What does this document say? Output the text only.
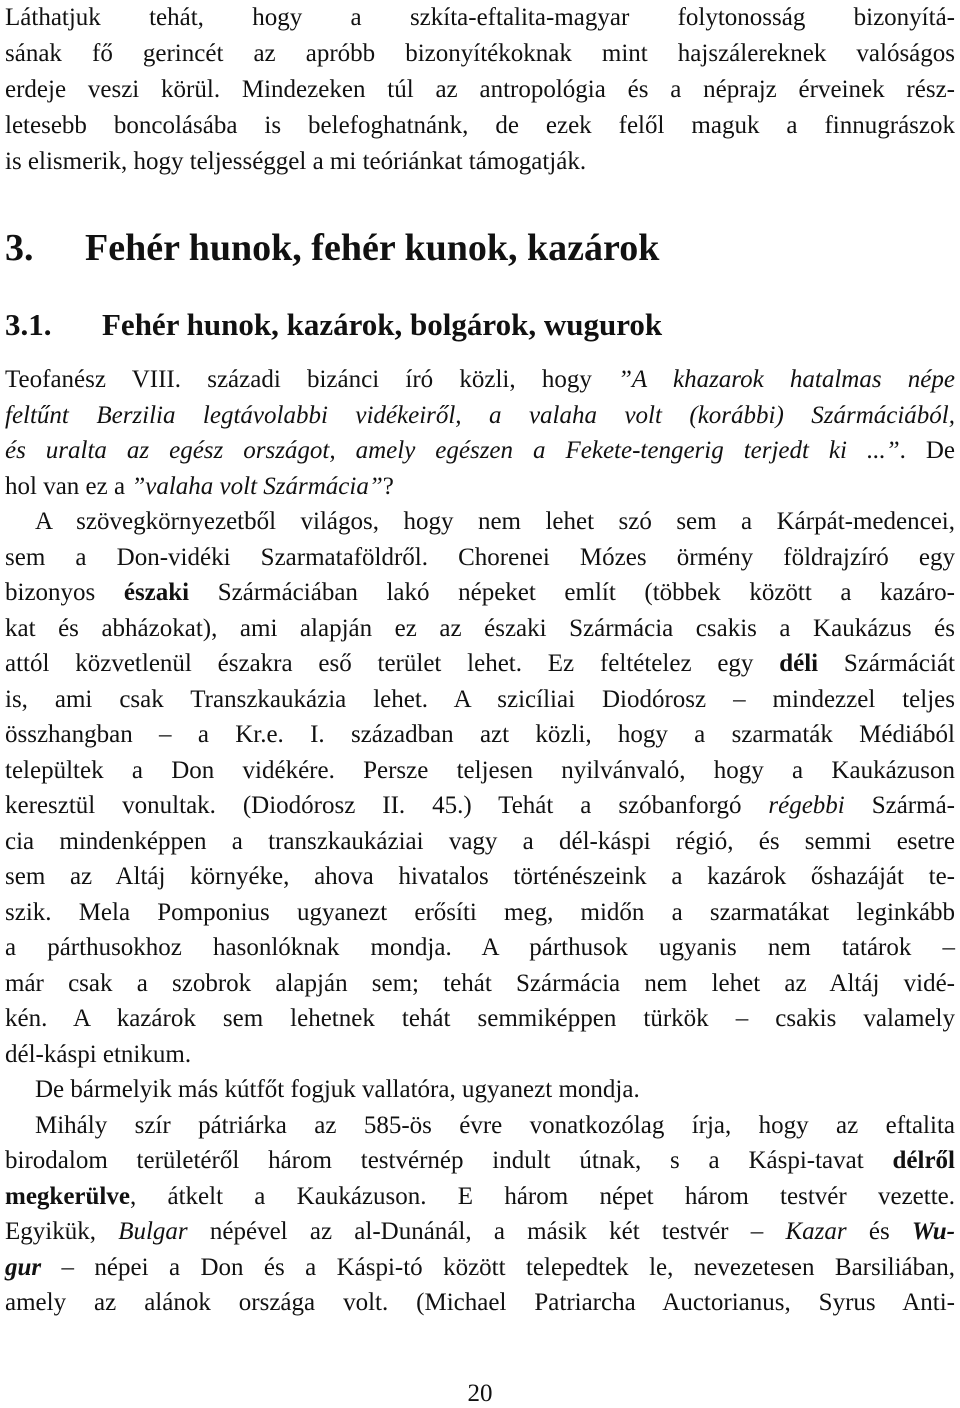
Láthatjuk tehát, hogy a szkíta-eftalita-magyar folytonosság bizonyítá-
sának fő gerincét az apróbb bizonyítékoknak mint hajszálereknek valóságos
erdeje veszi körül. Mindezeken túl az antropológia és a néprajz érveinek rész-
letesebb boncolásába is belefoghatnánk, de ezek felől maguk a finnugrászok
is elismerik, hogy teljességgel a mi teóriánkat támogatják.
3. Fehér hunok, fehér kunok, kazárok
3.1. Fehér hunok, kazárok, bolgárok, wugurok
Teofanész VIII. századi bizánci író közli, hogy ”A khazarok hatalmas népe
feltűnt Berzilia legtávolabbi vidékeiről, a valaha volt (korábbi) Szármáciából,
és uralta az egész országot, amely egészen a Fekete-tengerig terjedt ki ...”. De
hol van ez a ”valaha volt Szármácia”?
A szövegkörnyezetből világos, hogy nem lehet szó sem a Kárpát-medencei,
sem a Don-vidéki Szarmataföldről. Chorenei Mózes örmény földrajzíró egy
bizonyos északi Szármáciában lakó népeket említ (többek között a kazáro-
kat és abházokat), ami alapján ez az északi Szármácia csakis a Kaukázus és
attól közvetlenül északra eső terület lehet. Ez feltételez egy déli Szármáciát
is, ami csak Transzkaukázia lehet. A szicíliai Diodórosz – mindezzel teljes
összhangban – a Kr.e. I. században azt közli, hogy a szarmaták Médiából
települtek a Don vidékére. Persze teljesen nyilvánvaló, hogy a Kaukázuson
keresztül vonultak. (Diodórosz II. 45.) Tehát a szóbanforgó régebbi Szármá-
cia mindenképpen a transzkaukáziai vagy a dél-káspi régió, és semmi esetre
sem az Altáj környéke, ahova hivatalos történészeink a kazárok őshazáját te-
szik. Mela Pomponius ugyanezt erősíti meg, midőn a szarmatákat leginkább
a párthusokhoz hasonlóknak mondja. A párthusok ugyanis nem tatárok –
már csak a szobrok alapján sem; tehát Szármácia nem lehet az Altáj vidé-
kén. A kazárok sem lehetnek tehát semmiképpen türkök – csakis valamely
dél-káspi etnikum.
De bármelyik más kútfőt fogjuk vallatóra, ugyanezt mondja.
Mihály szír pátriárka az 585-ös évre vonatkozólag írja, hogy az eftalita
birodalom területéről három testvérnép indult útnak, s a Káspi-tavat délről
megkerülve, átkelt a Kaukázuson. E három népet három testvér vezette.
Egyikük, Bulgar népével az al-Dunánál, a másik két testvér – Kazar és Wu-
gur – népei a Don és a Káspi-tó között telepedtek le, nevezetesen Barsiliában,
amely az alánok országa volt. (Michael Patriarcha Auctorianus, Syrus Anti-
20
